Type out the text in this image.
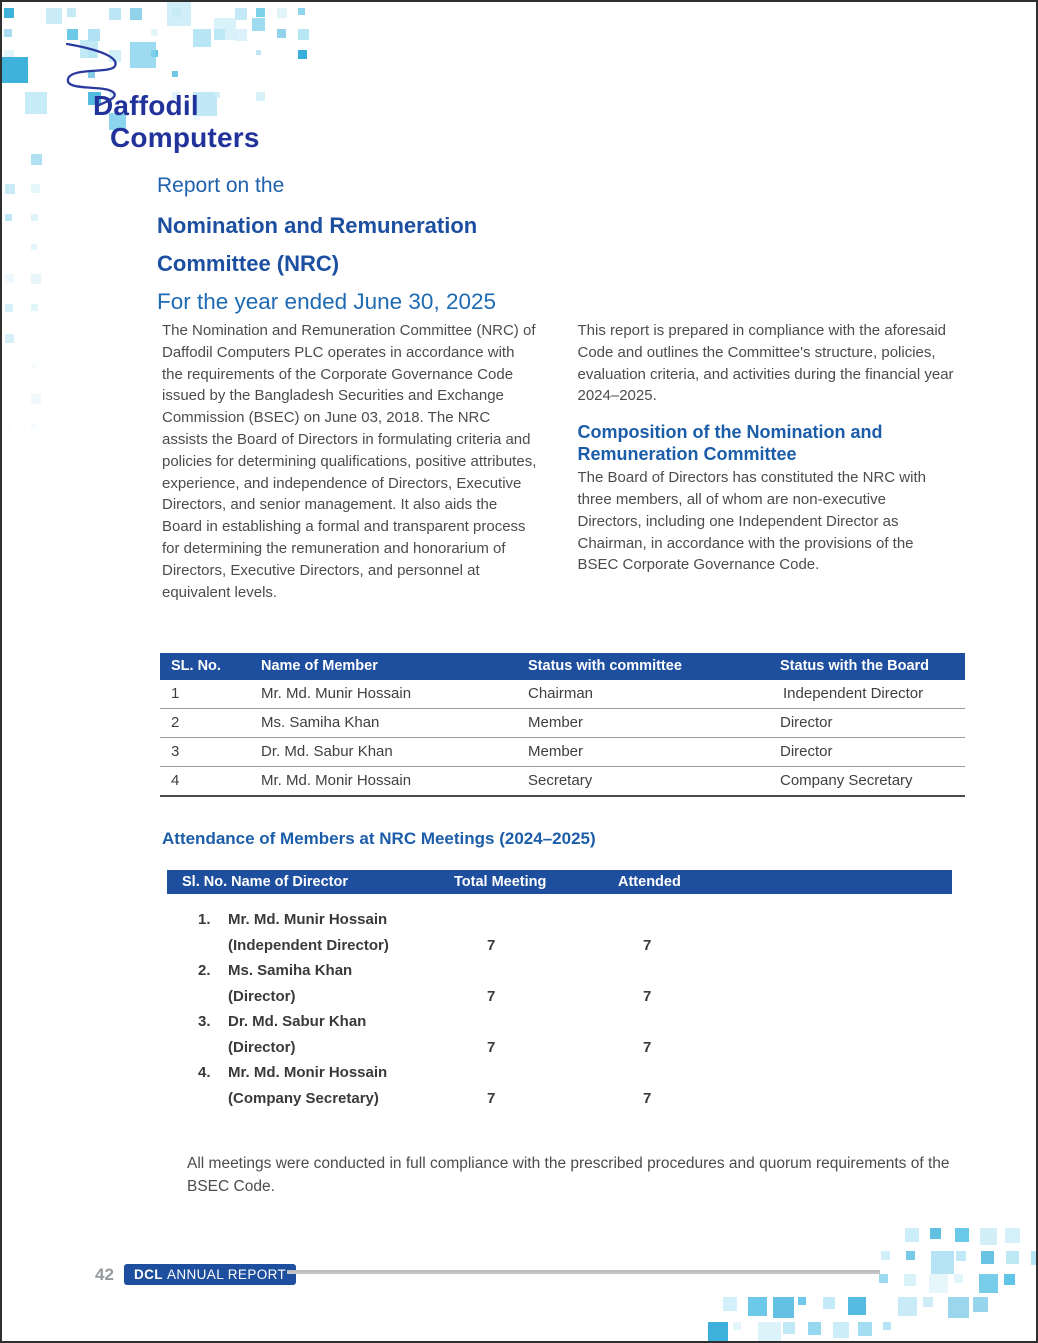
Daffodil
Computers
Report on the
Nomination and Remuneration
Committee (NRC)
For the year ended June 30, 2025

The Nomination and Remuneration Committee (NRC) of Daffodil Computers PLC operates in accordance with the requirements of the Corporate Governance Code issued by the Bangladesh Securities and Exchange Commission (BSEC) on June 03, 2018. The NRC assists the Board of Directors in formulating criteria and policies for determining qualifications, positive attributes, experience, and independence of Directors, Executive Directors, and senior management. It also aids the Board in establishing a formal and transparent process for determining the remuneration and honorarium of Directors, Executive Directors, and personnel at equivalent levels.

This report is prepared in compliance with the aforesaid Code and outlines the Committee's structure, policies, evaluation criteria, and activities during the financial year 2024–2025.

Composition of the Nomination and Remuneration Committee

The Board of Directors has constituted the NRC with three members, all of whom are non-executive Directors, including one Independent Director as Chairman, in accordance with the provisions of the BSEC Corporate Governance Code.

SL. No.	Name of Member	Status with committee	Status with the Board
1	Mr. Md. Munir Hossain	Chairman	Independent Director
2	Ms. Samiha Khan	Member	Director
3	Dr. Md. Sabur Khan	Member	Director
4	Mr. Md. Monir Hossain	Secretary	Company Secretary
Attendance of Members at NRC Meetings (2024–2025)
Sl. No. Name of Director	Total Meeting	Attended
1. Mr. Md. Munir Hossain
(Independent Director)	7	7
2. Ms. Samiha Khan
(Director)	7	7
3. Dr. Md. Sabur Khan
(Director)	7	7
4. Mr. Md. Monir Hossain
(Company Secretary)	7	7
All meetings were conducted in full compliance with the prescribed procedures and quorum requirements of the BSEC Code.
42	DCL ANNUAL REPORT
